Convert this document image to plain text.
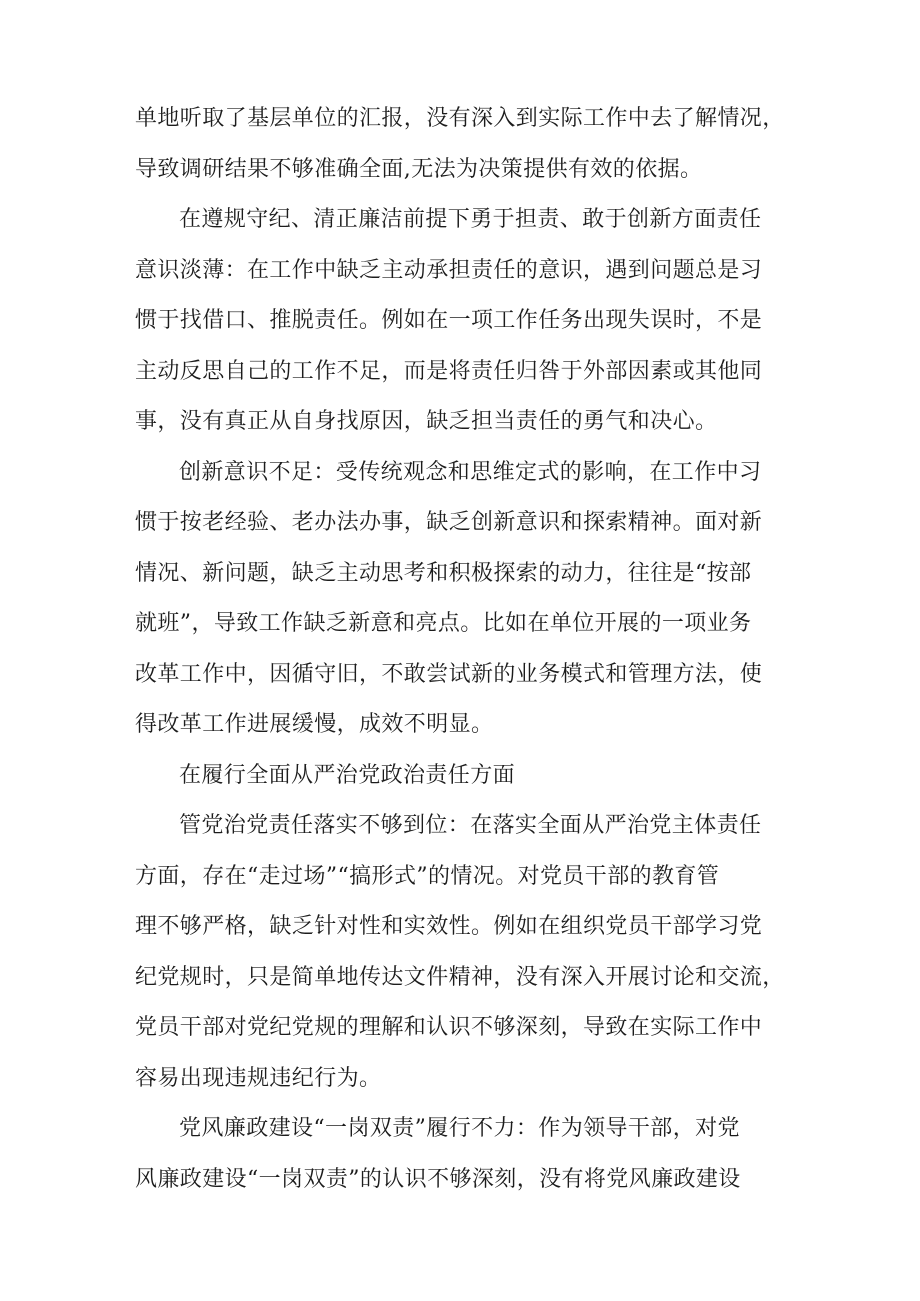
单地听取了基层单位的汇报，没有深入到实际工作中去了解情况，
导致调研结果不够准确全面,无法为决策提供有效的依据。
在遵规守纪、清正廉洁前提下勇于担责、敢于创新方面责任
意识淡薄：在工作中缺乏主动承担责任的意识，遇到问题总是习
惯于找借口、推脱责任。例如在一项工作任务出现失误时，不是
主动反思自己的工作不足，而是将责任归咎于外部因素或其他同
事，没有真正从自身找原因，缺乏担当责任的勇气和决心。
创新意识不足：受传统观念和思维定式的影响，在工作中习
惯于按老经验、老办法办事，缺乏创新意识和探索精神。面对新
情况、新问题，缺乏主动思考和积极探索的动力，往往是“按部
就班”，导致工作缺乏新意和亮点。比如在单位开展的一项业务
改革工作中，因循守旧，不敢尝试新的业务模式和管理方法，使
得改革工作进展缓慢，成效不明显。
在履行全面从严治党政治责任方面
管党治党责任落实不够到位：在落实全面从严治党主体责任
方面，存在“走过场”“搞形式”的情况。对党员干部的教育管
理不够严格，缺乏针对性和实效性。例如在组织党员干部学习党
纪党规时，只是简单地传达文件精神，没有深入开展讨论和交流，
党员干部对党纪党规的理解和认识不够深刻，导致在实际工作中
容易出现违规违纪行为。
党风廉政建设“一岗双责”履行不力：作为领导干部，对党
风廉政建设“一岗双责”的认识不够深刻，没有将党风廉政建设
